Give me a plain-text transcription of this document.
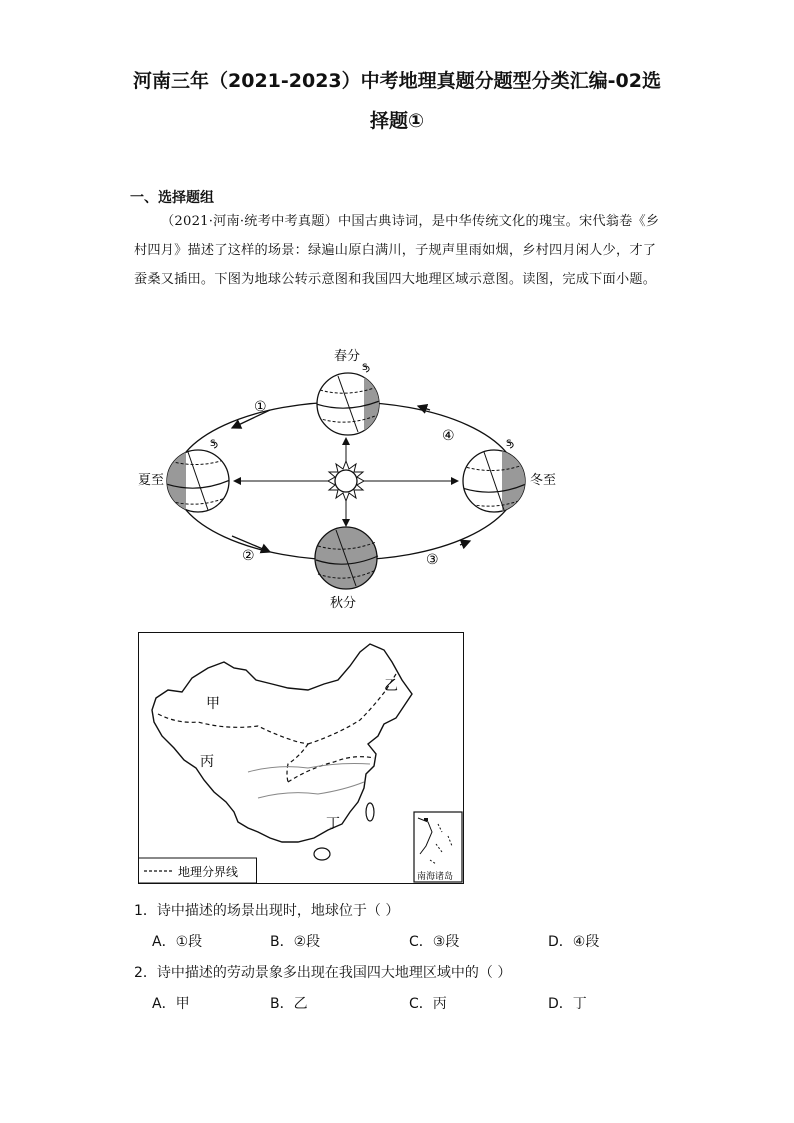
河南三年（2021-2023）中考地理真题分题型分类汇编-02选
择题①
一、选择题组
（2021·河南·统考中考真题）中国古典诗词，是中华传统文化的瑰宝。宋代翁卷《乡村四月》描述了这样的场景：绿遍山原白满川，子规声里雨如烟，乡村四月闲人少，才了蚕桑又插田。下图为地球公转示意图和我国四大地理区域示意图。读图，完成下面小题。
S
S	S
春分
夏至	冬至
秋分
①
④
②	③
甲
乙
丙
丁
地理分界线	南海诸岛
1．诗中描述的场景出现时，地球位于（ ）
A．①段	B．②段	C．③段	D．④段
2．诗中描述的劳动景象多出现在我国四大地理区域中的（ ）
A．甲	B．乙	C．丙	D．丁
